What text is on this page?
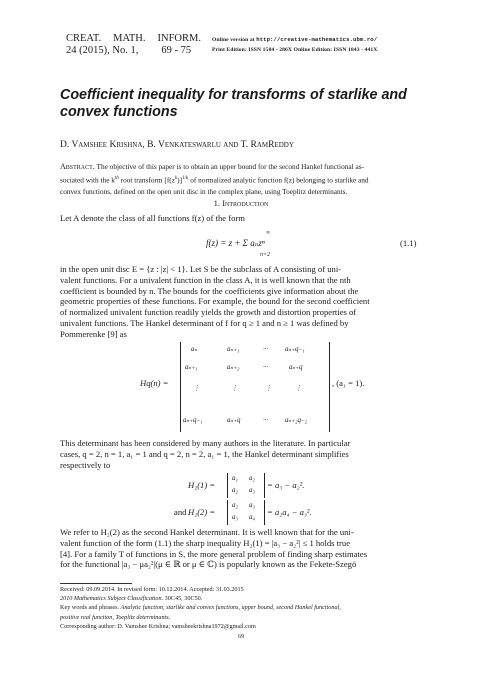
CREAT. MATH. INFORM.
24 (2015), No. 1, 69 - 75
Online version at http://creative-mathematics.ubm.ro/
Print Edition: ISSN 1584 - 286X Online Edition: ISSN 1843 - 441X
Coefficient inequality for transforms of starlike and convex functions
D. Vamshee Krishna, B. Venkateswarlu and T. RamReddy
Abstract. The objective of this paper is to obtain an upper bound for the second Hankel functional as-
sociated with the $k^{th}$ root transform $[f(z^k)]^{1/k}$ of normalized analytic function f(z) belonging to starlike and
convex functions, defined on the open unit disc in the complex plane, using Toeplitz determinants.
1. Introduction
Let A denote the class of all functions f(z) of the form
f(z) = z + Σ aₙzⁿ
∞
n=2
(1.1)
in the open unit disc E = {z : |z| < 1}. Let S be the subclass of A consisting of uni-
valent functions. For a univalent function in the class A, it is well known that the nth
coefficient is bounded by n. The bounds for the coefficients give information about the
geometric properties of these functions. For example, the bound for the second coefficient
of normalized univalent function readily yields the growth and distortion properties of
univalent functions. The Hankel determinant of f for q ≥ 1 and n ≥ 1 was defined by
Pommerenke [9] as
Hq(n) =
aₙ	aₙ₊₁	··· aₙ₊q₋₁
aₙ₊₁	aₙ₊₂	···	aₙ₊q
⋮	⋮	⋮	⋮
aₙ₊q₋₁	aₙ₊q	··· aₙ₊₂q₋₂
, (a₁ = 1).
This determinant has been considered by many authors in the literature. In particular
cases, q = 2, n = 1, a₁ = 1 and q = 2, n = 2, a₁ = 1, the Hankel determinant simplifies
respectively to
H₂(1) =
a₁ a₂
a₂ a₃ = a₃ − a₂².
and H₂(2) =
a₂ a₃
a₃ a₄ = a₂a₄ − a₃².
We refer to H₂(2) as the second Hankel determinant. It is well known that for the uni-
valent function of the form (1.1) the sharp inequality H₂(1) = |a₃ − a₂²| ≤ 1 holds true
[4]. For a family T of functions in S, the more general problem of finding sharp estimates
for the functional |a₃ − μa₂²|(μ ∈ ℝ or μ ∈ ℂ) is popularly known as the Fekete-Szegö
Received: 09.09.2014. In revised form: 10.12.2014. Accepted: 31.03.2015
2010 Mathematics Subject Classification. 30C45, 30C50.
Key words and phrases. Analytic function, starlike and convex functions, upper bound, second Hankel functional,
positive real function, Toeplitz determinants.
Corresponding author: D. Vamshee Krishna; vamsheekrishna1972@gmail.com
69
